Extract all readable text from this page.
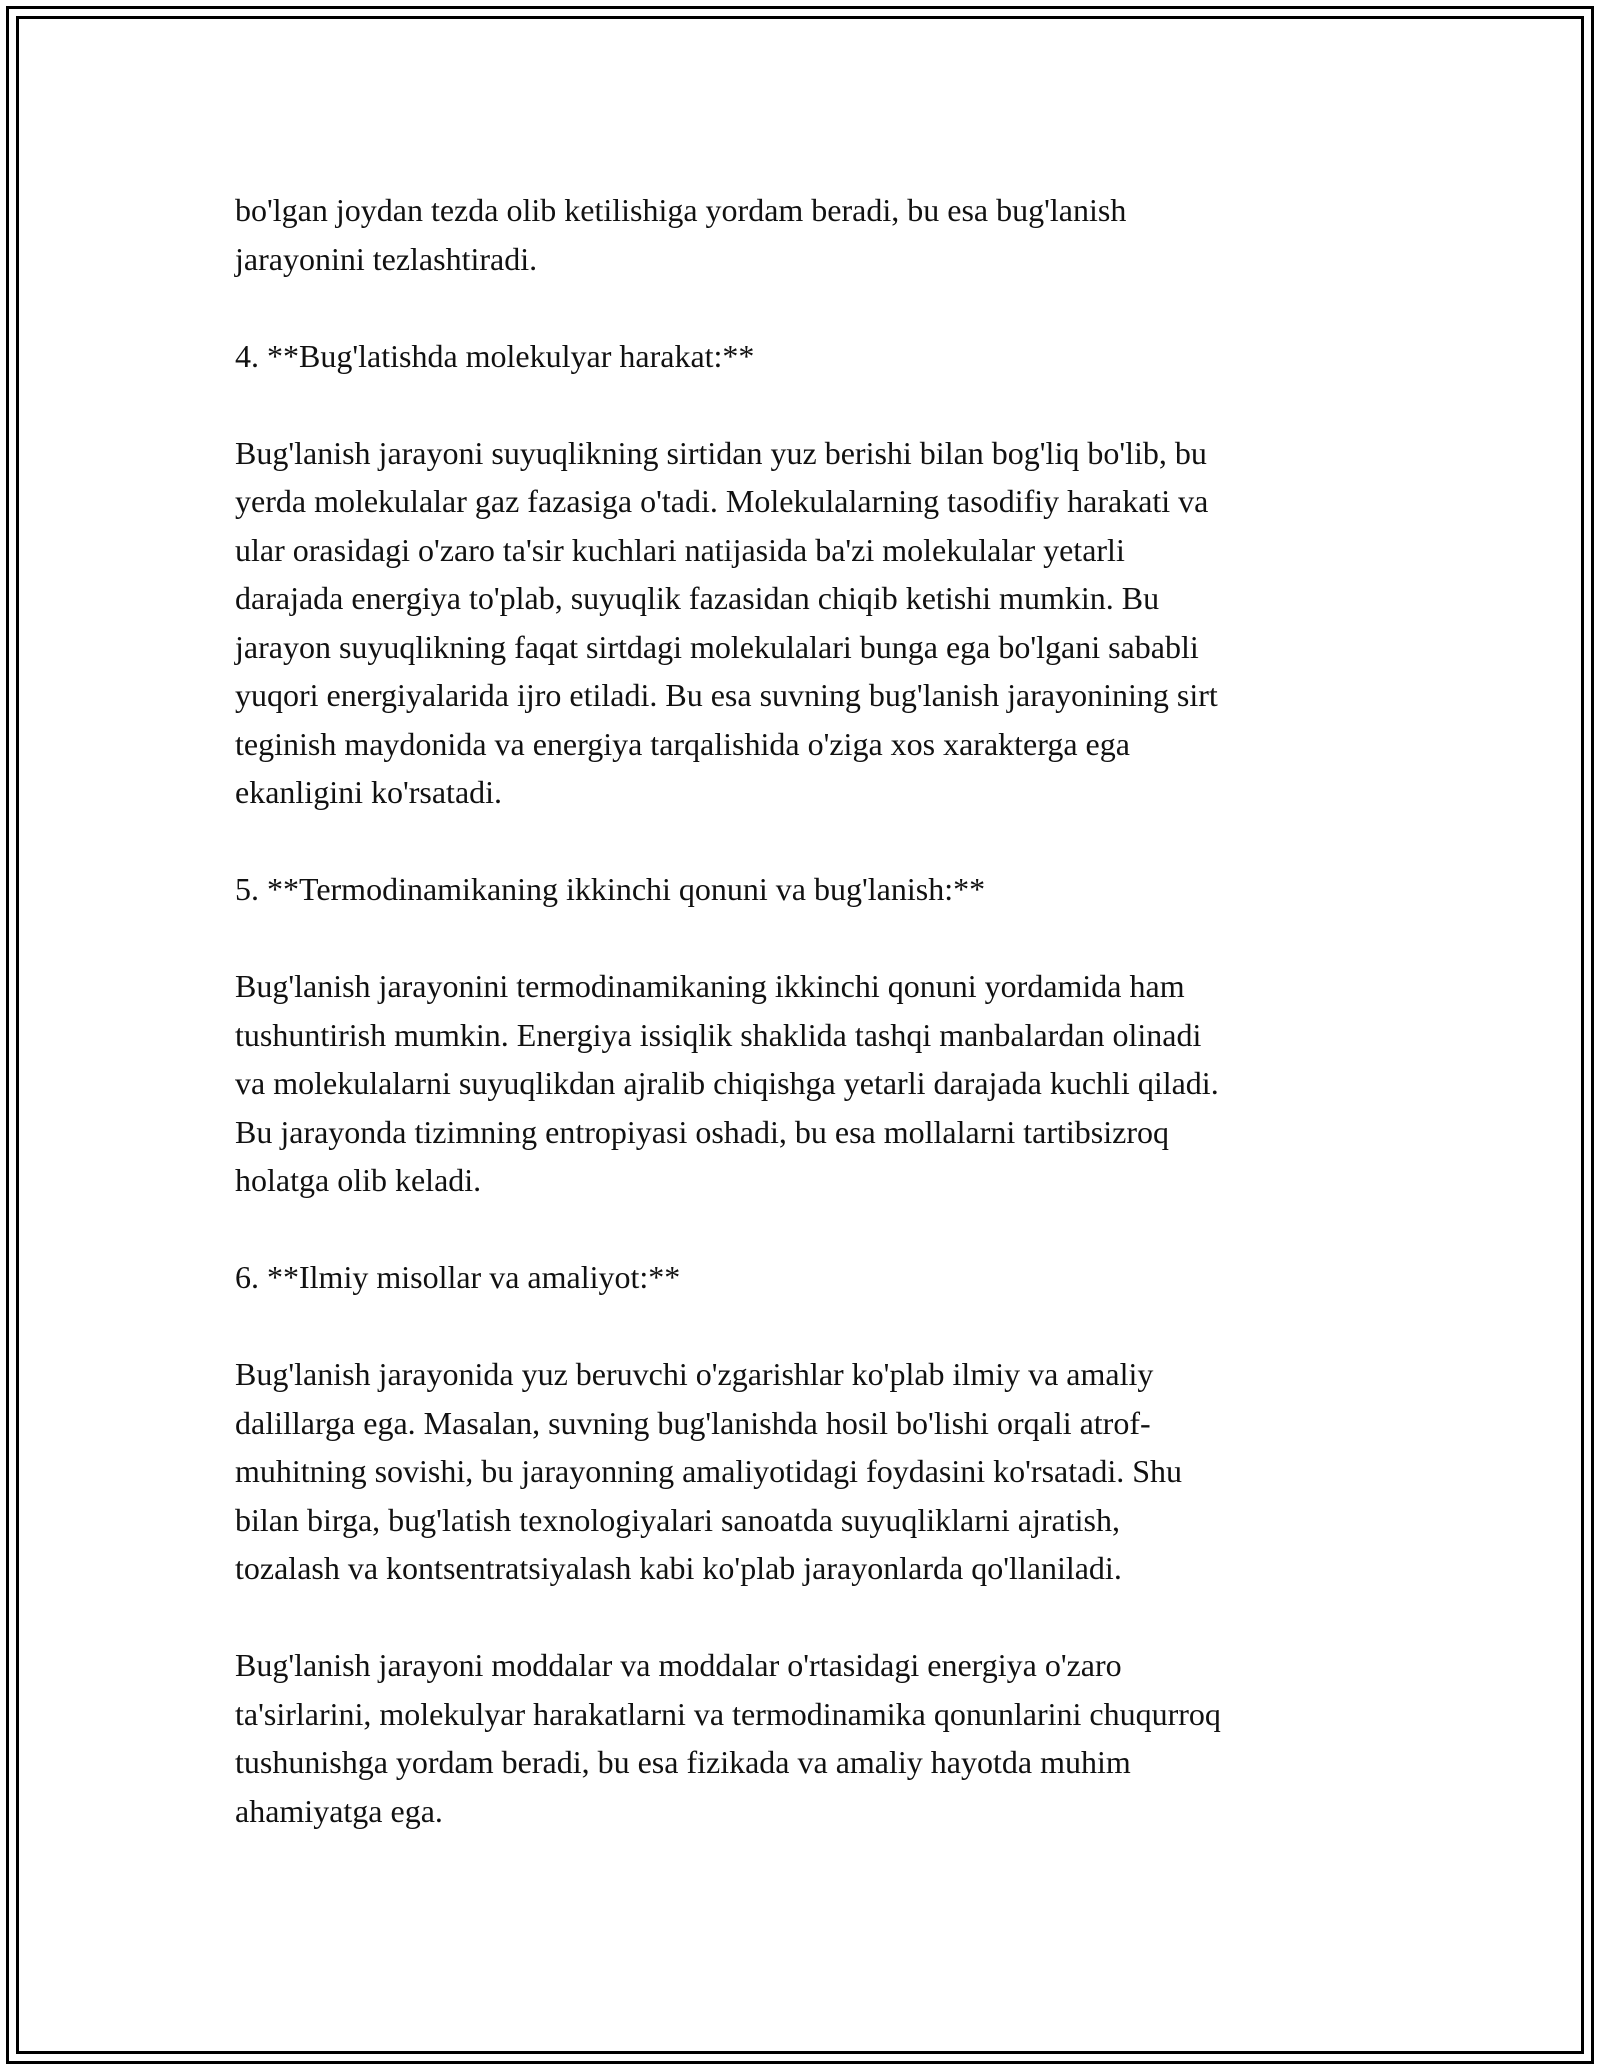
bo'lgan joydan tezda olib ketilishiga yordam beradi, bu esa bug'lanish
jarayonini tezlashtiradi.

4. **Bug'latishda molekulyar harakat:**

Bug'lanish jarayoni suyuqlikning sirtidan yuz berishi bilan bog'liq bo'lib, bu
yerda molekulalar gaz fazasiga o'tadi. Molekulalarning tasodifiy harakati va
ular orasidagi o'zaro ta'sir kuchlari natijasida ba'zi molekulalar yetarli
darajada energiya to'plab, suyuqlik fazasidan chiqib ketishi mumkin. Bu
jarayon suyuqlikning faqat sirtdagi molekulalari bunga ega bo'lgani sababli
yuqori energiyalarida ijro etiladi. Bu esa suvning bug'lanish jarayonining sirt
teginish maydonida va energiya tarqalishida o'ziga xos xarakterga ega
ekanligini ko'rsatadi.

5. **Termodinamikaning ikkinchi qonuni va bug'lanish:**

Bug'lanish jarayonini termodinamikaning ikkinchi qonuni yordamida ham
tushuntirish mumkin. Energiya issiqlik shaklida tashqi manbalardan olinadi
va molekulalarni suyuqlikdan ajralib chiqishga yetarli darajada kuchli qiladi.
Bu jarayonda tizimning entropiyasi oshadi, bu esa mollalarni tartibsizroq
holatga olib keladi.

6. **Ilmiy misollar va amaliyot:**

Bug'lanish jarayonida yuz beruvchi o'zgarishlar ko'plab ilmiy va amaliy
dalillarga ega. Masalan, suvning bug'lanishda hosil bo'lishi orqali atrof-
muhitning sovishi, bu jarayonning amaliyotidagi foydasini ko'rsatadi. Shu
bilan birga, bug'latish texnologiyalari sanoatda suyuqliklarni ajratish,
tozalash va kontsentratsiyalash kabi ko'plab jarayonlarda qo'llaniladi.

Bug'lanish jarayoni moddalar va moddalar o'rtasidagi energiya o'zaro
ta'sirlarini, molekulyar harakatlarni va termodinamika qonunlarini chuqurroq
tushunishga yordam beradi, bu esa fizikada va amaliy hayotda muhim
ahamiyatga ega.
